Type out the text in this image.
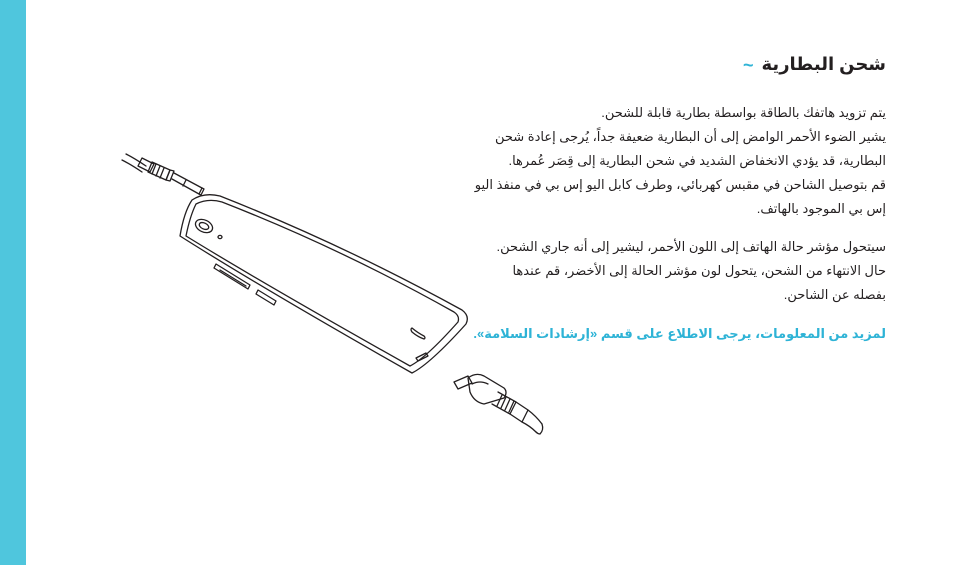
شحن البطارية
~
يتم تزويد هاتفك بالطاقة بواسطة بطارية قابلة للشحن.
يشير الضوء الأحمر الوامض إلى أن البطارية ضعيفة جداً، يُرجى إعادة شحن
البطارية، قد يؤدي الانخفاض الشديد في شحن البطارية إلى قِصَر عُمرها.
قم بتوصيل الشاحن في مقبس كهربائي، وطرف كابل اليو إس بي في منفذ اليو
إس بي الموجود بالهاتف.
سيتحول مؤشر حالة الهاتف إلى اللون الأحمر، ليشير إلى أنه جاري الشحن.
حال الانتهاء من الشحن، يتحول لون مؤشر الحالة إلى الأخضر، قم عندها
بفصله عن الشاحن.
لمزيد من المعلومات، يرجى الاطلاع على قسم «إرشادات السلامة».
